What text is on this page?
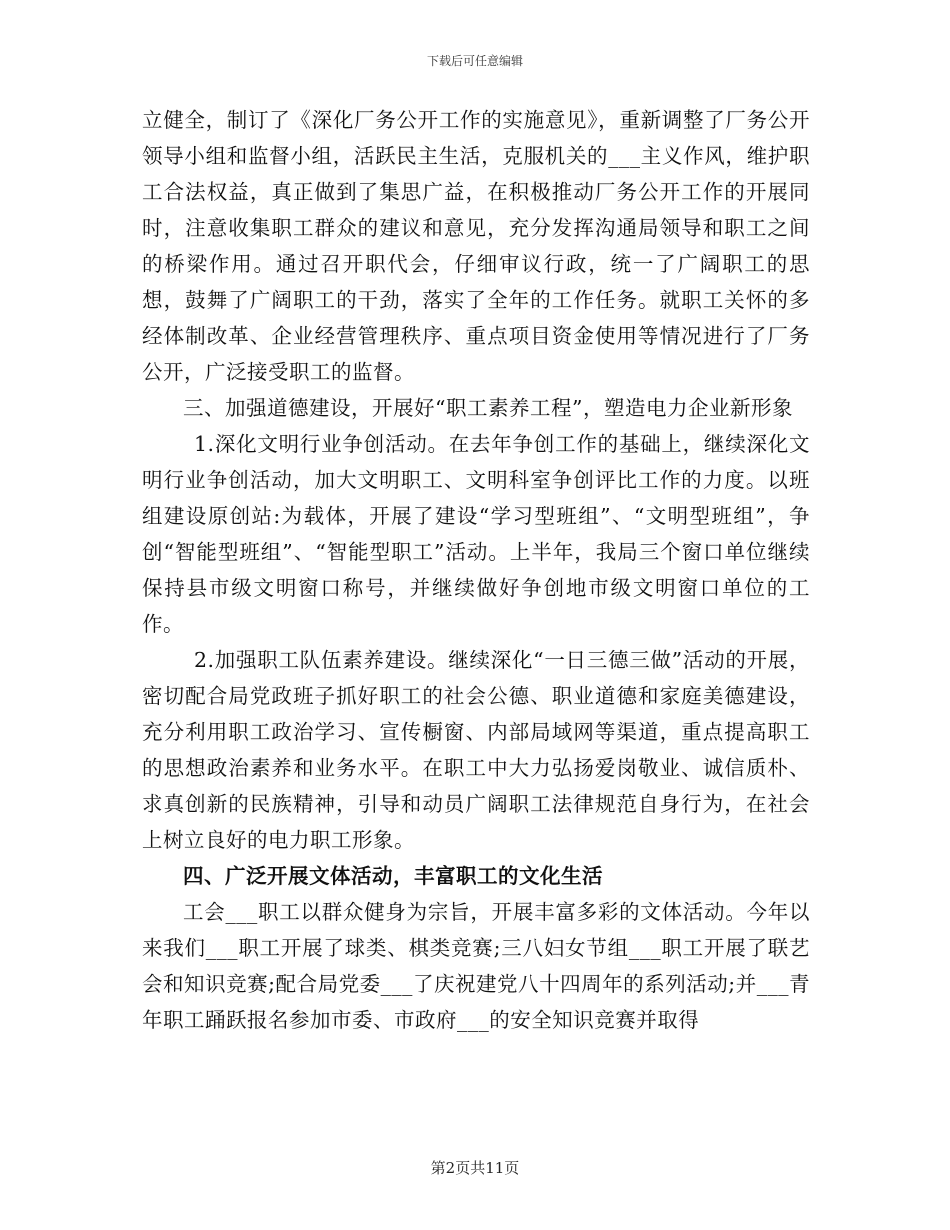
下载后可任意编辑

立健全，制订了《深化厂务公开工作的实施意见》，重新调整了厂务公开领导小组和监督小组，活跃民主生活，克服机关的___主义作风，维护职工合法权益，真正做到了集思广益，在积极推动厂务公开工作的开展同时，注意收集职工群众的建议和意见，充分发挥沟通局领导和职工之间的桥梁作用。通过召开职代会，仔细审议行政，统一了广阔职工的思想，鼓舞了广阔职工的干劲，落实了全年的工作任务。就职工关怀的多经体制改革、企业经营管理秩序、重点项目资金使用等情况进行了厂务公开，广泛接受职工的监督。

三、加强道德建设，开展好“职工素养工程”，塑造电力企业新形象

1.深化文明行业争创活动。在去年争创工作的基础上，继续深化文明行业争创活动，加大文明职工、文明科室争创评比工作的力度。以班组建设原创站:为载体，开展了建设“学习型班组”、“文明型班组”，争创“智能型班组”、“智能型职工”活动。上半年，我局三个窗口单位继续保持县市级文明窗口称号，并继续做好争创地市级文明窗口单位的工作。

2.加强职工队伍素养建设。继续深化“一日三德三做”活动的开展，密切配合局党政班子抓好职工的社会公德、职业道德和家庭美德建设，充分利用职工政治学习、宣传橱窗、内部局域网等渠道，重点提高职工的思想政治素养和业务水平。在职工中大力弘扬爱岗敬业、诚信质朴、求真创新的民族精神，引导和动员广阔职工法律规范自身行为，在社会上树立良好的电力职工形象。

四、广泛开展文体活动，丰富职工的文化生活

工会___职工以群众健身为宗旨，开展丰富多彩的文体活动。今年以来我们___职工开展了球类、棋类竞赛;三八妇女节组___职工开展了联艺会和知识竞赛;配合局党委___了庆祝建党八十四周年的系列活动;并___青年职工踊跃报名参加市委、市政府___的安全知识竞赛并取得

第2页共11页
